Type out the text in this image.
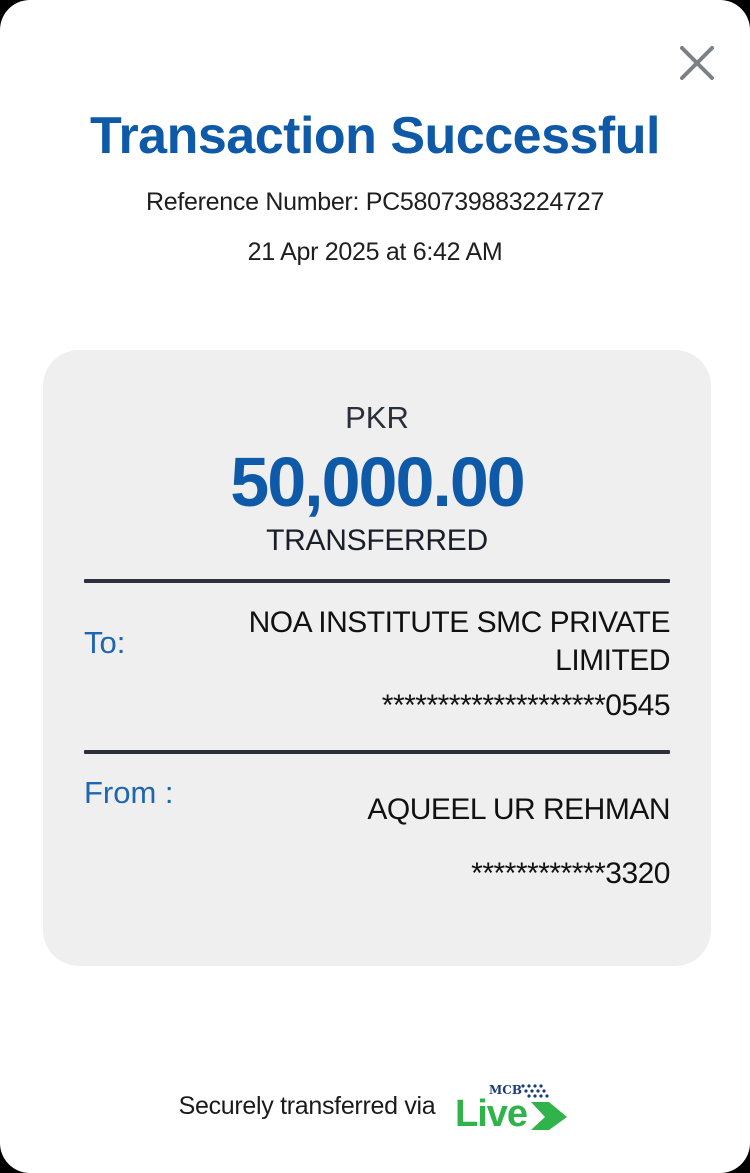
Transaction Successful
Reference Number: PC580739883224727
21 Apr 2025 at 6:42 AM
PKR
50,000.00
TRANSFERRED
To:
NOA INSTITUTE SMC PRIVATE LIMITED
********************0545
From :	AQUEEL UR REHMAN
************3320
Securely transferred via
MCB
Live
